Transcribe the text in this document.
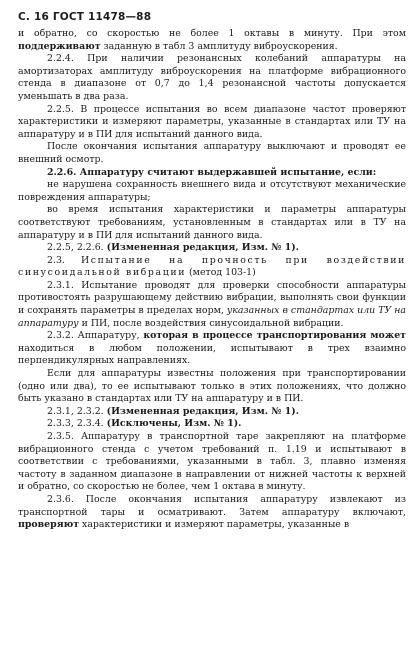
С. 16 ГОСТ 11478—88

и обратно, со скоростью не более 1 октавы в минуту. При этом поддерживают заданную в табл 3 амплитуду виброускорения.

2.2.4. При наличии резонансных колебаний аппаратуры на амортизаторах амплитуду виброускорения на платформе вибрационного стенда в диапазоне от 0,7 до 1,4 резонансной частоты допускается уменьшать в два раза.

2.2.5. В процессе испытания во всем диапазоне частот проверяют характеристики и измеряют параметры, указанные в стандартах или ТУ на аппаратуру и в ПИ для испытаний данного вида.

После окончания испытания аппаратуру выключают и проводят ее внешний осмотр.

2.2.6. Аппаратуру считают выдержавшей испытание, если:

не нарушена сохранность внешнего вида и отсутствуют механические повреждения аппаратуры;

во время испытания характеристики и параметры аппаратуры соответствуют требованиям, установленным в стандартах или в ТУ на аппаратуру и в ПИ для испытаний данного вида.

2.2.5, 2.2.6. (Измененная редакция, Изм. № 1).

2.3. Испытание на прочность при воздействии синусоидальной вибрации (метод 103-1)

2.3.1. Испытание проводят для проверки способности аппаратуры противостоять разрушающему действию вибрации, выполнять свои функции и сохранять параметры в пределах норм, указанных в стандартах или ТУ на аппаратуру и ПИ, после воздействия синусоидальной вибрации.

2.3.2. Аппаратуру, которая в процессе транспортирования может находиться в любом положении, испытывают в трех взаимно перпендикулярных направлениях.

Если для аппаратуры известны положения при транспортировании (одно или два), то ее испытывают только в этих положениях, что должно быть указано в стандартах или ТУ на аппаратуру и в ПИ.

2.3.1, 2.3.2. (Измененная редакция, Изм. № 1).

2.3.3, 2.3.4. (Исключены, Изм. № 1).

2.3.5. Аппаратуру в транспортной таре закрепляют на платформе вибрационного стенда с учетом требований п. 1.19 и испытывают в соответствии с требованиями, указанными в табл. 3, плавно изменяя частоту в заданном диапазоне в направлении от нижней частоты к верхней и обратно, со скоростью не более, чем 1 октава в минуту.

2.3.6. После окончания испытания аппаратуру извлекают из транспортной тары и осматривают. Затем аппаратуру включают, проверяют характеристики и измеряют параметры, указанные в
